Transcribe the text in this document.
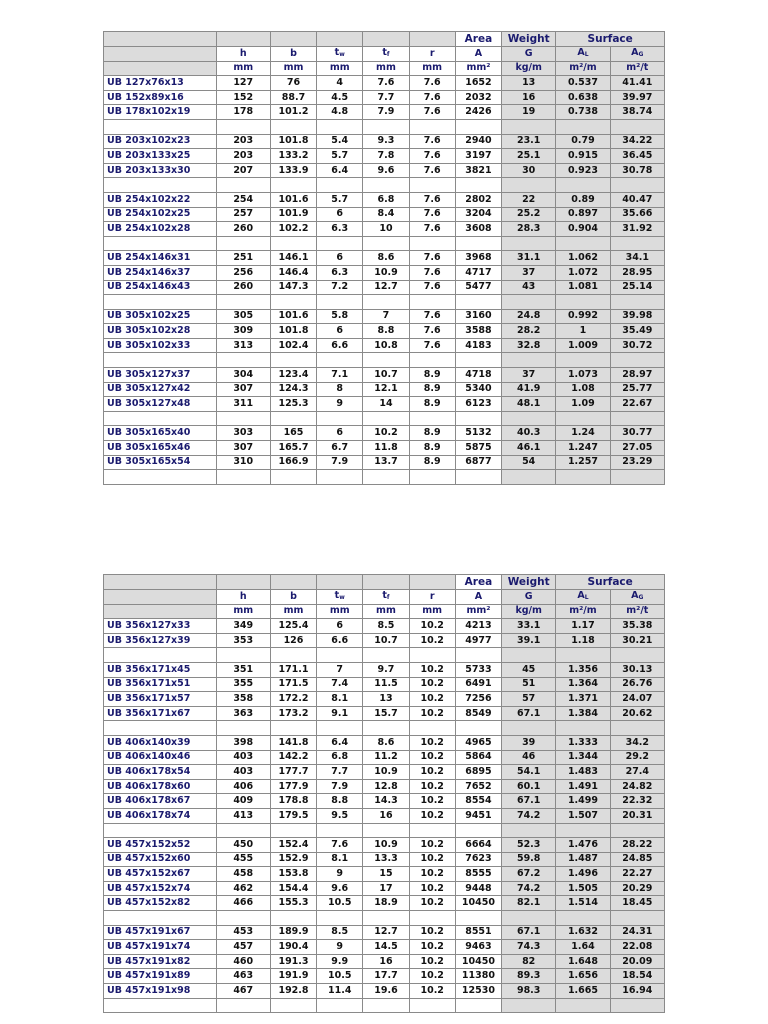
						Area	Weight	Surface	
	h	b	$t_w$	$t_f$	r	A	G	$A_L$	$A_G$
	mm	mm	mm	mm	mm	mm²	kg/m	m²/m	m²/t
UB 127x76x13	127	76	4	7.6	7.6	1652	13	0.537	41.41
UB 152x89x16	152	88.7	4.5	7.7	7.6	2032	16	0.638	39.97
UB 178x102x19	178	101.2	4.8	7.9	7.6	2426	19	0.738	38.74

UB 203x102x23	203	101.8	5.4	9.3	7.6	2940	23.1	0.79	34.22
UB 203x133x25	203	133.2	5.7	7.8	7.6	3197	25.1	0.915	36.45
UB 203x133x30	207	133.9	6.4	9.6	7.6	3821	30	0.923	30.78

UB 254x102x22	254	101.6	5.7	6.8	7.6	2802	22	0.89	40.47
UB 254x102x25	257	101.9	6	8.4	7.6	3204	25.2	0.897	35.66
UB 254x102x28	260	102.2	6.3	10	7.6	3608	28.3	0.904	31.92

UB 254x146x31	251	146.1	6	8.6	7.6	3968	31.1	1.062	34.1
UB 254x146x37	256	146.4	6.3	10.9	7.6	4717	37	1.072	28.95
UB 254x146x43	260	147.3	7.2	12.7	7.6	5477	43	1.081	25.14

UB 305x102x25	305	101.6	5.8	7	7.6	3160	24.8	0.992	39.98
UB 305x102x28	309	101.8	6	8.8	7.6	3588	28.2	1	35.49
UB 305x102x33	313	102.4	6.6	10.8	7.6	4183	32.8	1.009	30.72

UB 305x127x37	304	123.4	7.1	10.7	8.9	4718	37	1.073	28.97
UB 305x127x42	307	124.3	8	12.1	8.9	5340	41.9	1.08	25.77
UB 305x127x48	311	125.3	9	14	8.9	6123	48.1	1.09	22.67

UB 305x165x40	303	165	6	10.2	8.9	5132	40.3	1.24	30.77
UB 305x165x46	307	165.7	6.7	11.8	8.9	5875	46.1	1.247	27.05
UB 305x165x54	310	166.9	7.9	13.7	8.9	6877	54	1.257	23.29

						Area	Weight	Surface	
	h	b	$t_w$	$t_f$	r	A	G	$A_L$	$A_G$
	mm	mm	mm	mm	mm	mm²	kg/m	m²/m	m²/t
UB 356x127x33	349	125.4	6	8.5	10.2	4213	33.1	1.17	35.38
UB 356x127x39	353	126	6.6	10.7	10.2	4977	39.1	1.18	30.21

UB 356x171x45	351	171.1	7	9.7	10.2	5733	45	1.356	30.13
UB 356x171x51	355	171.5	7.4	11.5	10.2	6491	51	1.364	26.76
UB 356x171x57	358	172.2	8.1	13	10.2	7256	57	1.371	24.07
UB 356x171x67	363	173.2	9.1	15.7	10.2	8549	67.1	1.384	20.62

UB 406x140x39	398	141.8	6.4	8.6	10.2	4965	39	1.333	34.2
UB 406x140x46	403	142.2	6.8	11.2	10.2	5864	46	1.344	29.2
UB 406x178x54	403	177.7	7.7	10.9	10.2	6895	54.1	1.483	27.4
UB 406x178x60	406	177.9	7.9	12.8	10.2	7652	60.1	1.491	24.82
UB 406x178x67	409	178.8	8.8	14.3	10.2	8554	67.1	1.499	22.32
UB 406x178x74	413	179.5	9.5	16	10.2	9451	74.2	1.507	20.31

UB 457x152x52	450	152.4	7.6	10.9	10.2	6664	52.3	1.476	28.22
UB 457x152x60	455	152.9	8.1	13.3	10.2	7623	59.8	1.487	24.85
UB 457x152x67	458	153.8	9	15	10.2	8555	67.2	1.496	22.27
UB 457x152x74	462	154.4	9.6	17	10.2	9448	74.2	1.505	20.29
UB 457x152x82	466	155.3	10.5	18.9	10.2	10450	82.1	1.514	18.45

UB 457x191x67	453	189.9	8.5	12.7	10.2	8551	67.1	1.632	24.31
UB 457x191x74	457	190.4	9	14.5	10.2	9463	74.3	1.64	22.08
UB 457x191x82	460	191.3	9.9	16	10.2	10450	82	1.648	20.09
UB 457x191x89	463	191.9	10.5	17.7	10.2	11380	89.3	1.656	18.54
UB 457x191x98	467	192.8	11.4	19.6	10.2	12530	98.3	1.665	16.94
